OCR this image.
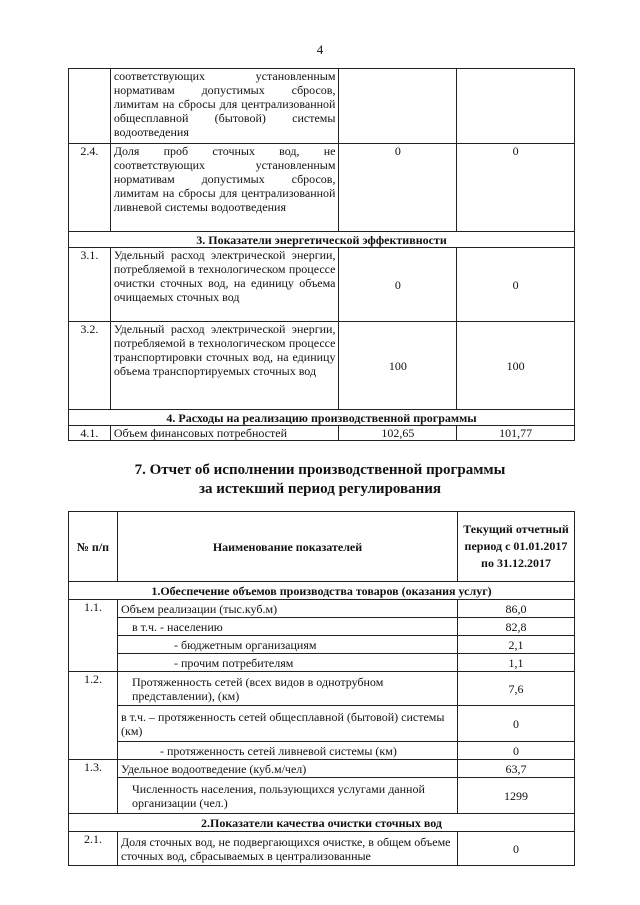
4
	соответствующих установленным нормативам допустимых сбросов, лимитам на сбросы для централизованной общесплавной (бытовой) системы водоотведения		
2.4.	Доля проб сточных вод, не соответствующих установленным нормативам допустимых сбросов, лимитам на сбросы для централизованной ливневой системы водоотведения	0	0
3. Показатели энергетической эффективности			
3.1.	Удельный расход электрической энергии, потребляемой в технологическом процессе очистки сточных вод, на единицу объема очищаемых сточных вод	0	0
3.2.	Удельный расход электрической энергии, потребляемой в технологическом процессе транспортировки сточных вод, на единицу объема транспортируемых сточных вод	100	100
4. Расходы на реализацию производственной программы			
4.1.	Объем финансовых потребностей	102,65	101,77
7. Отчет об исполнении производственной программы
за истекший период регулирования
№ п/п	Наименование показателей	Текущий отчетный период с 01.01.2017 по 31.12.2017
1.Обеспечение объемов производства товаров (оказания услуг)		
1.1.	Объем реализации (тыс.куб.м)	86,0
	в т.ч. - населению	82,8
	- бюджетным организациям	2,1
	- прочим потребителям	1,1
1.2.	Протяженность сетей (всех видов в однотрубном представлении), (км)	7,6
	в т.ч. – протяженность сетей общесплавной (бытовой) системы (км)	0
	- протяженность сетей ливневой системы (км)	0
1.3.	Удельное водоотведение (куб.м/чел)	63,7
	Численность населения, пользующихся услугами данной организации (чел.)	1299
2.Показатели качества очистки сточных вод		
2.1.	Доля сточных вод, не подвергающихся очистке, в общем объеме сточных вод, сбрасываемых в централизованные	0
